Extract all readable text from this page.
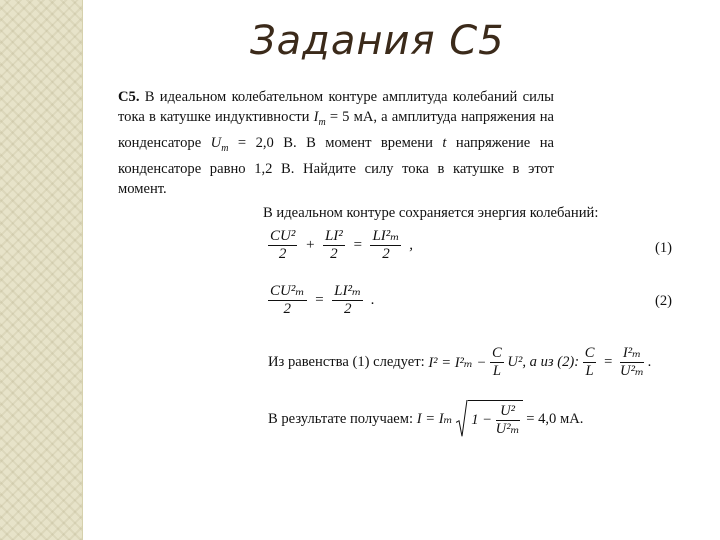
Задания С5
С5. В идеальном колебательном контуре амплитуда колебаний силы тока в катушке индуктивности $I_m = 5$ мА, а амплитуда напряжения на конденсаторе $U_m = 2,0$ В. В момент времени t напряжение на конденсаторе равно 1,2 В. Найдите силу тока в катушке в этот момент.
В идеальном контуре сохраняется энергия колебаний:
$\frac{\text{CU²}}{2} + \frac{\text{LI²}}{2} = \frac{\text{LI²ₘ}}{2}$ ,	(1)
$\frac{\text{CU²ₘ}}{2} = \frac{\text{LI²ₘ}}{2}$ .	(2)
Из равенства (1) следует: $I^2 = I^2_m - \frac{C}{L} U^2$, а из (2): $\frac{C}{L} = \frac{\text{I²ₘ}}{\text{U²ₘ}}$ .
В результате получаем: I = Iₘ $1 - \frac{\text{U²}}{\text{U²ₘ}} = 4,0$ мА.
